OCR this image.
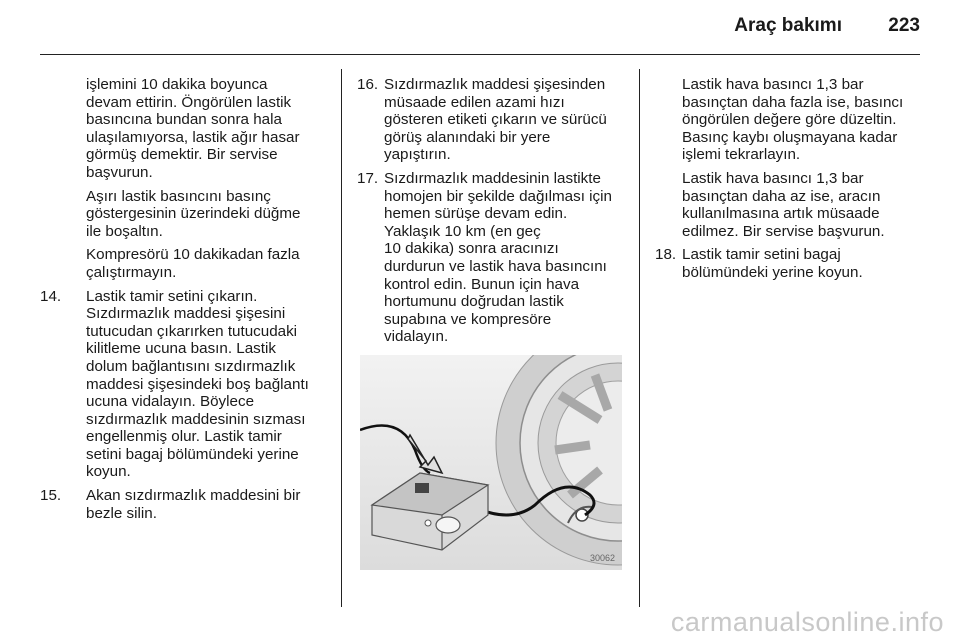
Araç bakımı 223

işlemini 10 dakika boyunca
devam ettirin. Öngörülen lastik
basıncına bundan sonra hala
ulaşılamıyorsa, lastik ağır hasar
görmüş demektir. Bir servise
başvurun.

Aşırı lastik basıncını basınç
göstergesinin üzerindeki düğme
ile boşaltın.

Kompresörü 10 dakikadan fazla
çalıştırmayın.

14. Lastik tamir setini çıkarın.
Sızdırmazlık maddesi şişesini
tutucudan çıkarırken tutucudaki
kilitleme ucuna basın. Lastik
dolum bağlantısını sızdırmazlık
maddesi şişesindeki boş bağlantı
ucuna vidalayın. Böylece
sızdırmazlık maddesinin sızması
engellenmiş olur. Lastik tamir
setini bagaj bölümündeki yerine
koyun.
15. Akan sızdırmazlık maddesini bir
bezle silin.
16. Sızdırmazlık maddesi şişesinden
müsaade edilen azami hızı
gösteren etiketi çıkarın ve sürücü
görüş alanındaki bir yere
yapıştırın.
17. Sızdırmazlık maddesinin lastikte
homojen bir şekilde dağılması için
hemen sürüşe devam edin.
Yaklaşık 10 km (en geç
10 dakika) sonra aracınızı
durdurun ve lastik hava basıncını
kontrol edin. Bunun için hava
hortumunu doğrudan lastik
supabına ve kompresöre
vidalayın.
30062

Lastik hava basıncı 1,3 bar
basınçtan daha fazla ise, basıncı
öngörülen değere göre düzeltin.
Basınç kaybı oluşmayana kadar
işlemi tekrarlayın.

Lastik hava basıncı 1,3 bar
basınçtan daha az ise, aracın
kullanılmasına artık müsaade
edilmez. Bir servise başvurun.

18. Lastik tamir setini bagaj
bölümündeki yerine koyun.
carmanualsonline.info
